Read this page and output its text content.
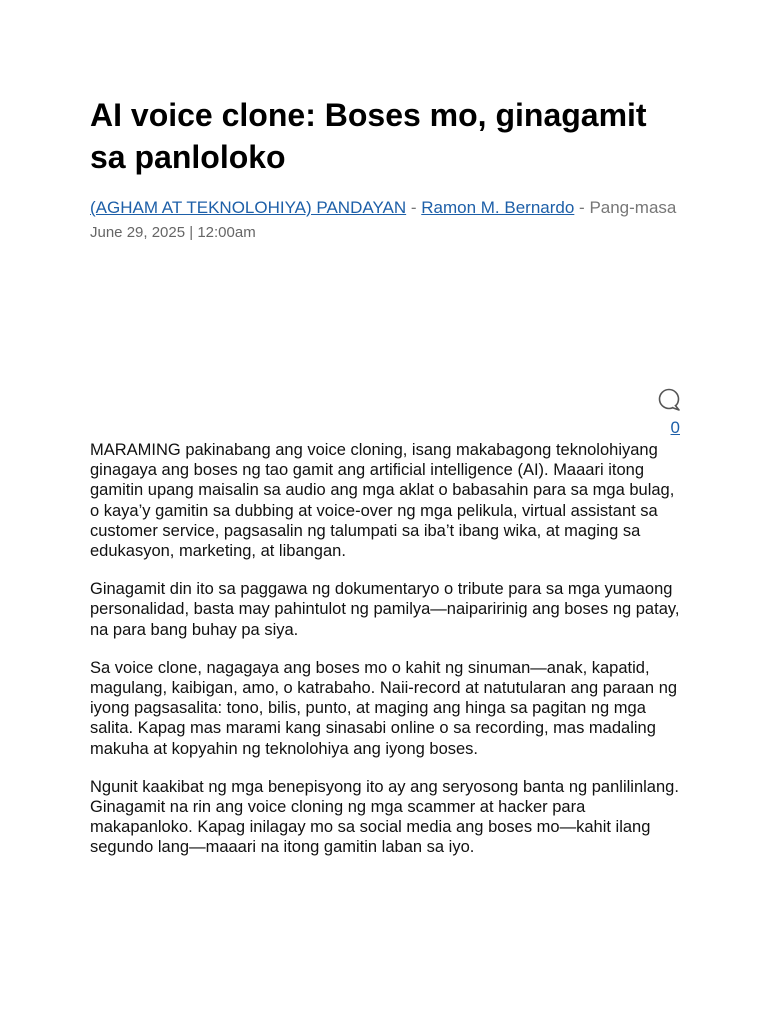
AI voice clone: Boses mo, ginagamit sa panloloko
(AGHAM AT TEKNOLOHIYA) PANDAYAN - Ramon M. Bernardo - Pang-masa
June 29, 2025 | 12:00am
0

MARAMING pakinabang ang voice cloning, isang makabagong teknolohiyang ginagaya ang boses ng tao gamit ang artificial intelligence (AI). Maaari itong gamitin upang maisalin sa audio ang mga aklat o babasahin para sa mga bulag, o kaya’y gamitin sa dubbing at voice-over ng mga pelikula, virtual assistant sa customer service, pagsasalin ng talumpati sa iba’t ibang wika, at maging sa edukasyon, marketing, at libangan.

Ginagamit din ito sa paggawa ng dokumentaryo o tribute para sa mga yumaong personalidad, basta may pahintulot ng pamilya—naiparirinig ang boses ng patay, na para bang buhay pa siya.

Sa voice clone, nagagaya ang boses mo o kahit ng sinuman—anak, kapatid, magulang, kaibigan, amo, o katrabaho. Naii-record at natutularan ang paraan ng iyong pagsasalita: tono, bilis, punto, at maging ang hinga sa pagitan ng mga salita. Kapag mas marami kang sinasabi online o sa recording, mas madaling makuha at kopyahin ng teknolohiya ang iyong boses.

Ngunit kaakibat ng mga benepisyong ito ay ang seryosong banta ng panlilinlang. Ginagamit na rin ang voice cloning ng mga scammer at hacker para makapanloko. Kapag inilagay mo sa social media ang boses mo—kahit ilang segundo lang—maaari na itong gamitin laban sa iyo.
